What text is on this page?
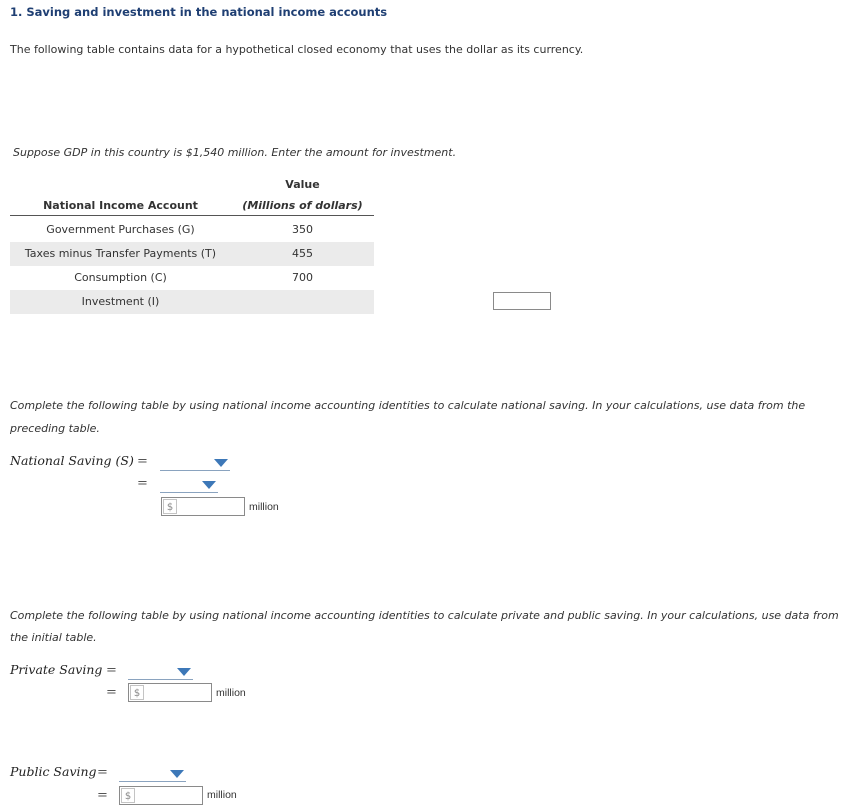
1. Saving and investment in the national income accounts
The following table contains data for a hypothetical closed economy that uses the dollar as its currency.
Suppose GDP in this country is $1,540 million. Enter the amount for investment.
Value
National Income Account	(Millions of dollars)
Government Purchases (G)	350
Taxes minus Transfer Payments (T)	455
Consumption (C)	700
Investment (I)
Complete the following table by using national income accounting identities to calculate national saving. In your calculations, use data from the
preceding table.
National Saving (S) =
=
$	million
Complete the following table by using national income accounting identities to calculate private and public saving. In your calculations, use data from
the initial table.
Private Saving =
=	$	million
Public Saving =
=	$	million
